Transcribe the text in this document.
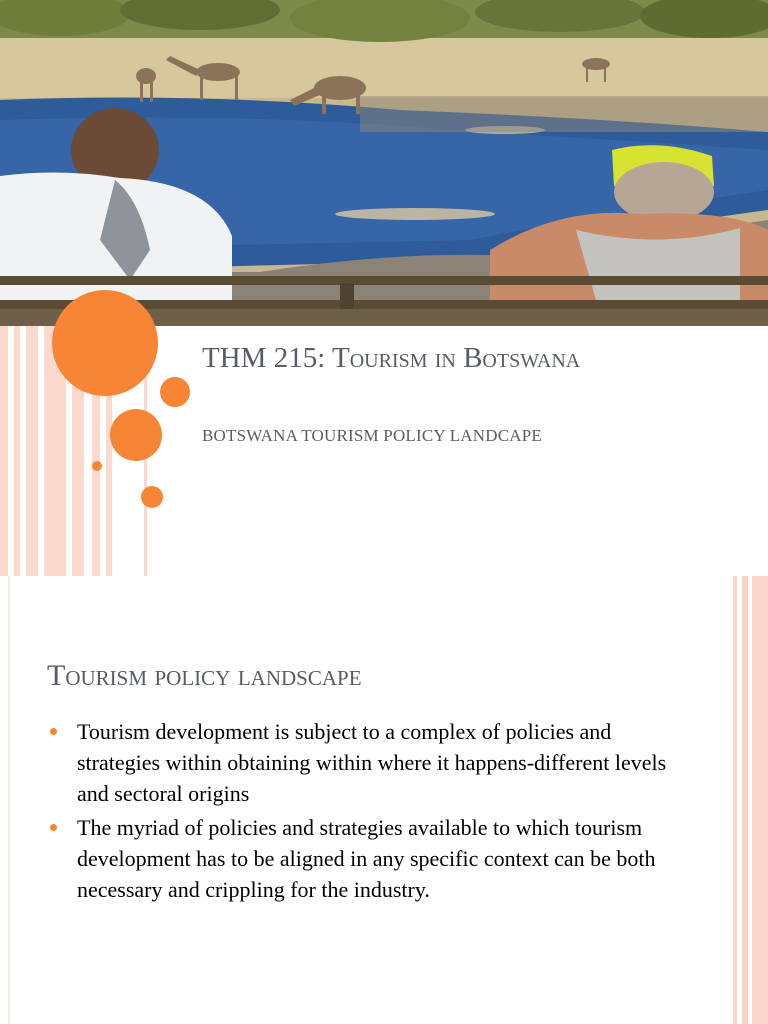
THM 215: Tourism in Botswana
BOTSWANA TOURISM POLICY LANDCAPE
Tourism policy landscape
Tourism development is subject to a complex of policies and strategies within obtaining within where it happens-different levels and sectoral origins
The myriad of policies and strategies available to which tourism development has to be aligned in any specific context can be both necessary and crippling for the industry.
